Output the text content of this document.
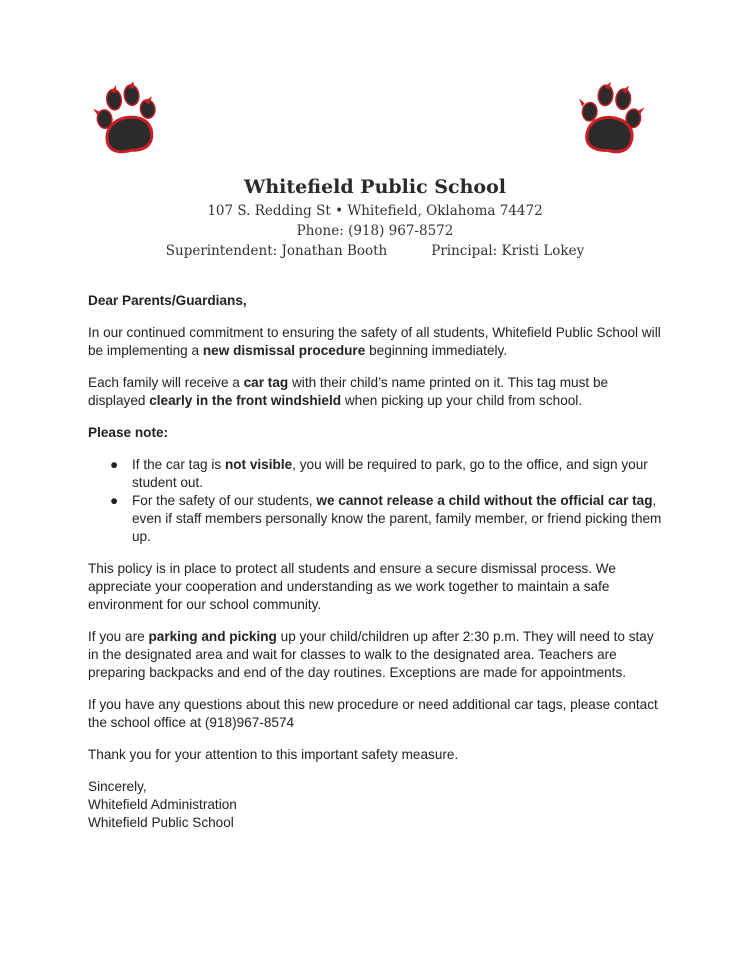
Whitefield Public School
107 S. Redding St • Whitefield, Oklahoma 74472
Phone: (918) 967-8572
Superintendent: Jonathan Booth	Principal: Kristi Lokey

Dear Parents/Guardians,

In our continued commitment to ensuring the safety of all students, Whitefield Public School will be implementing a new dismissal procedure beginning immediately.

Each family will receive a car tag with their child’s name printed on it. This tag must be displayed clearly in the front windshield when picking up your child from school.

Please note:

● If the car tag is not visible, you will be required to park, go to the office, and sign your student out.
● For the safety of our students, we cannot release a child without the official car tag, even if staff members personally know the parent, family member, or friend picking them up.

This policy is in place to protect all students and ensure a secure dismissal process. We appreciate your cooperation and understanding as we work together to maintain a safe environment for our school community.

If you are parking and picking up your child/children up after 2:30 p.m. They will need to stay in the designated area and wait for classes to walk to the designated area. Teachers are preparing backpacks and end of the day routines. Exceptions are made for appointments.

If you have any questions about this new procedure or need additional car tags, please contact the school office at (918)967-8574

Thank you for your attention to this important safety measure.

Sincerely,

Whitefield Administration

Whitefield Public School
